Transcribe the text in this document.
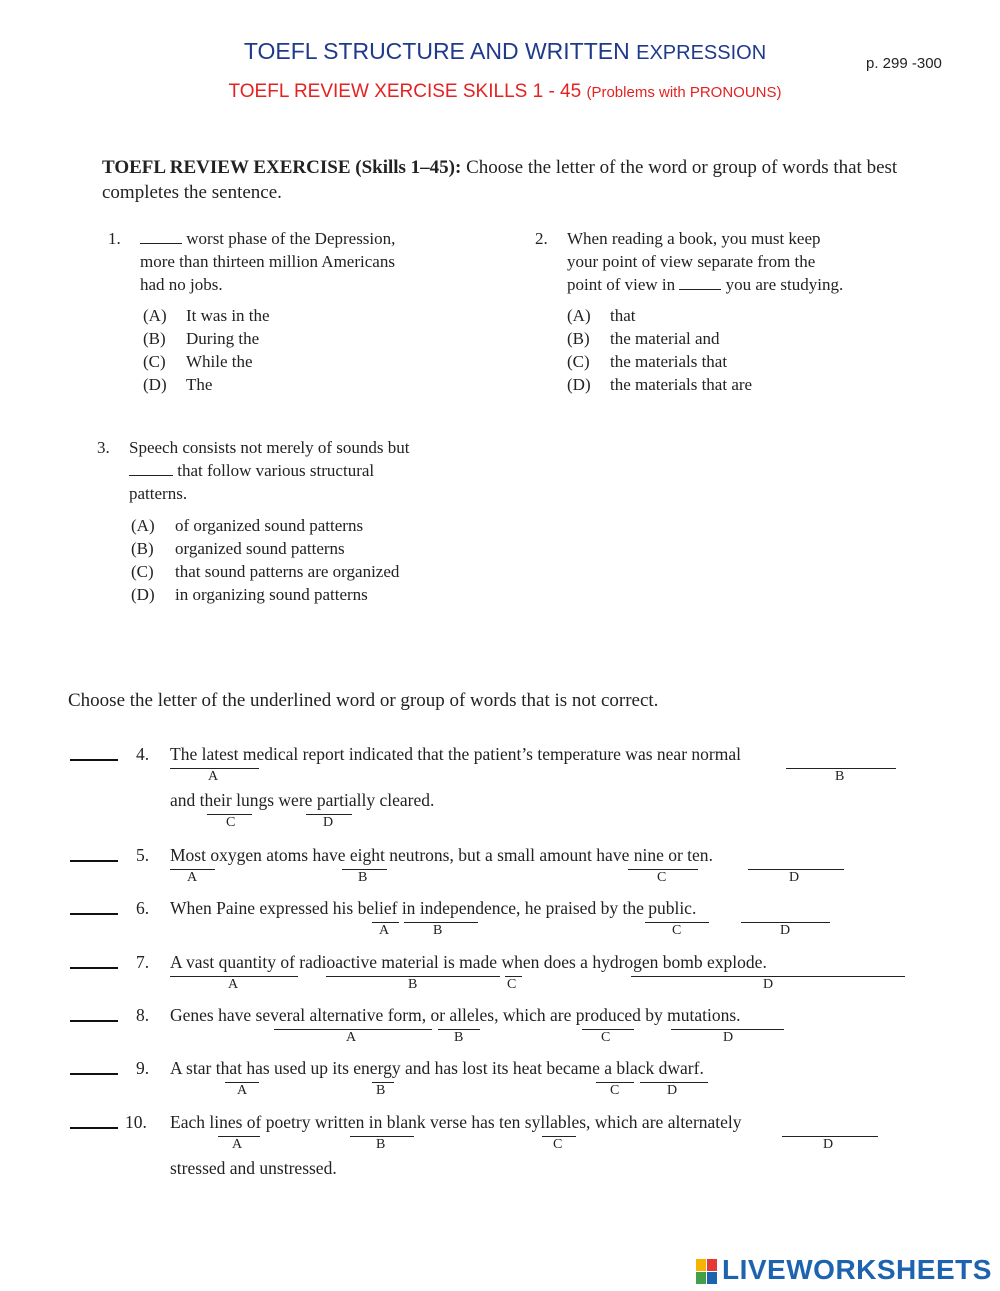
TOEFL STRUCTURE AND WRITTEN EXPRESSION	p. 299 -300
TOEFL REVIEW XERCISE SKILLS 1 - 45 (Problems with PRONOUNS)
TOEFL REVIEW EXERCISE (Skills 1–45): Choose the letter of the word or group of words that best completes the sentence.
1.	worst phase of the Depression,
more than thirteen million Americans
had no jobs.
(A) It was in the
(B) During the
(C) While the
(D) The
2. When reading a book, you must keep
your point of view separate from the
point of view in	you are studying.
(A) that
(B) the material and
(C) the materials that
(D) the materials that are
3. Speech consists not merely of sounds but
that follow various structural
patterns.
(A) of organized sound patterns
(B) organized sound patterns
(C) that sound patterns are organized
(D) in organizing sound patterns
Choose the letter of the underlined word or group of words that is not correct.
4. The latest medical report indicated that the patient’s temperature was near normal
A	B
and their lungs were partially cleared.
C	D
5. Most oxygen atoms have eight neutrons, but a small amount have nine or ten.
A	B	C	D
6. When Paine expressed his belief in independence, he praised by the public.
A	B	C	D
7. A vast quantity of radioactive material is made when does a hydrogen bomb explode.
A	B	C	D
8. Genes have several alternative form, or alleles, which are produced by mutations.
A	B	C	D
9. A star that has used up its energy and has lost its heat became a black dwarf.
A	B	C	D
10. Each lines of poetry written in blank verse has ten syllables, which are alternately
A	B	C	D
stressed and unstressed.
LIVEWORKSHEETS
